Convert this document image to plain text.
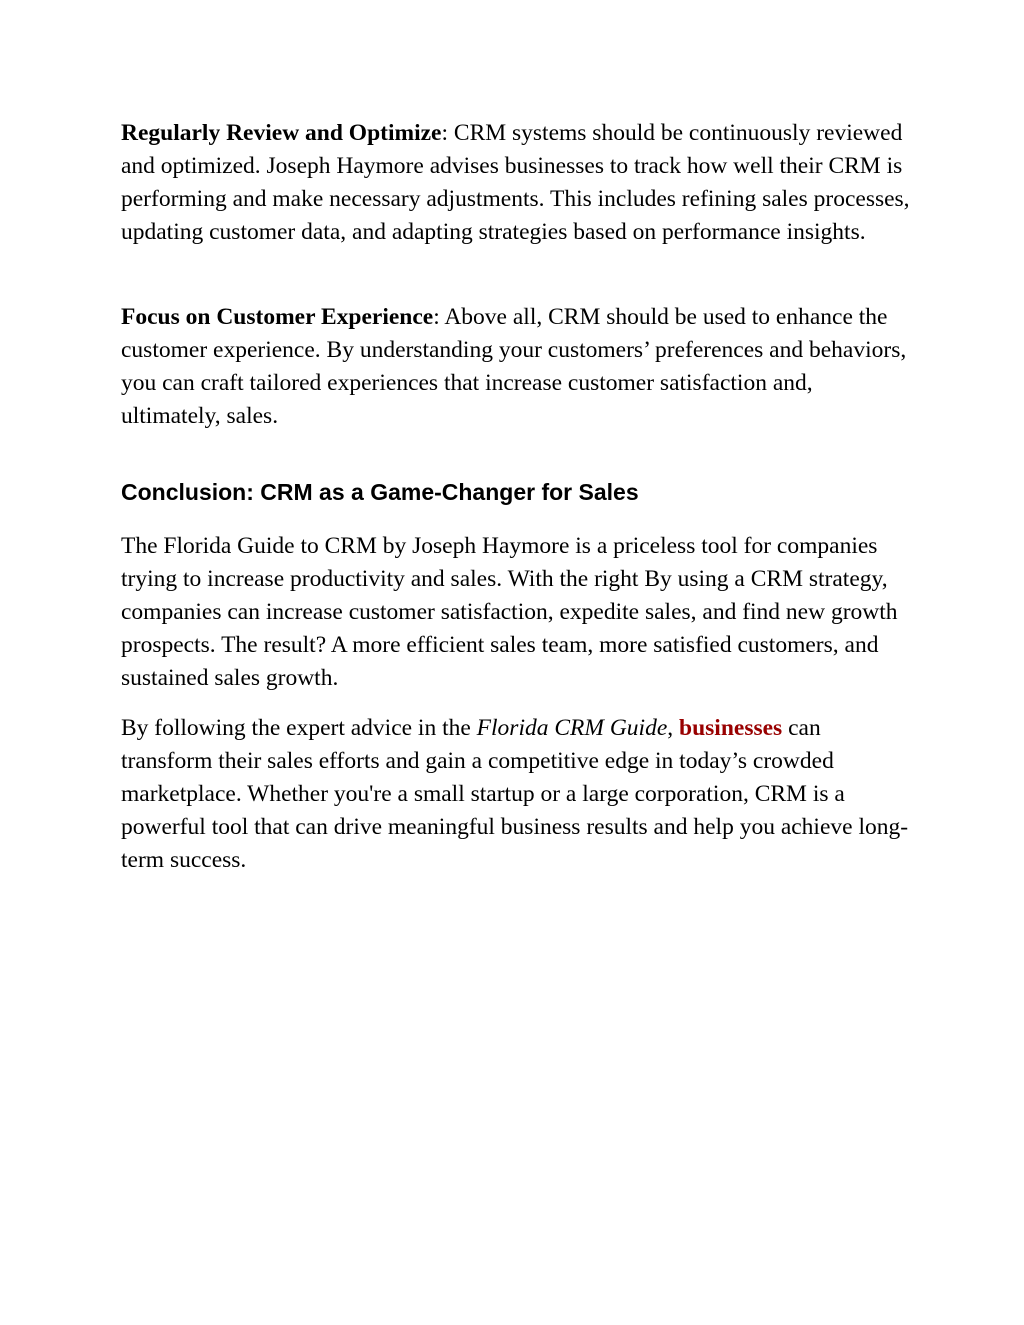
Regularly Review and Optimize: CRM systems should be continuously reviewed and optimized. Joseph Haymore advises businesses to track how well their CRM is performing and make necessary adjustments. This includes refining sales processes, updating customer data, and adapting strategies based on performance insights.

Focus on Customer Experience: Above all, CRM should be used to enhance the customer experience. By understanding your customers’ preferences and behaviors, you can craft tailored experiences that increase customer satisfaction and, ultimately, sales.

Conclusion: CRM as a Game-Changer for Sales

The Florida Guide to CRM by Joseph Haymore is a priceless tool for companies trying to increase productivity and sales. With the right By using a CRM strategy, companies can increase customer satisfaction, expedite sales, and find new growth prospects. The result? A more efficient sales team, more satisfied customers, and sustained sales growth.

By following the expert advice in the Florida CRM Guide, businesses can transform their sales efforts and gain a competitive edge in today’s crowded marketplace. Whether you're a small startup or a large corporation, CRM is a powerful tool that can drive meaningful business results and help you achieve long-term success.
